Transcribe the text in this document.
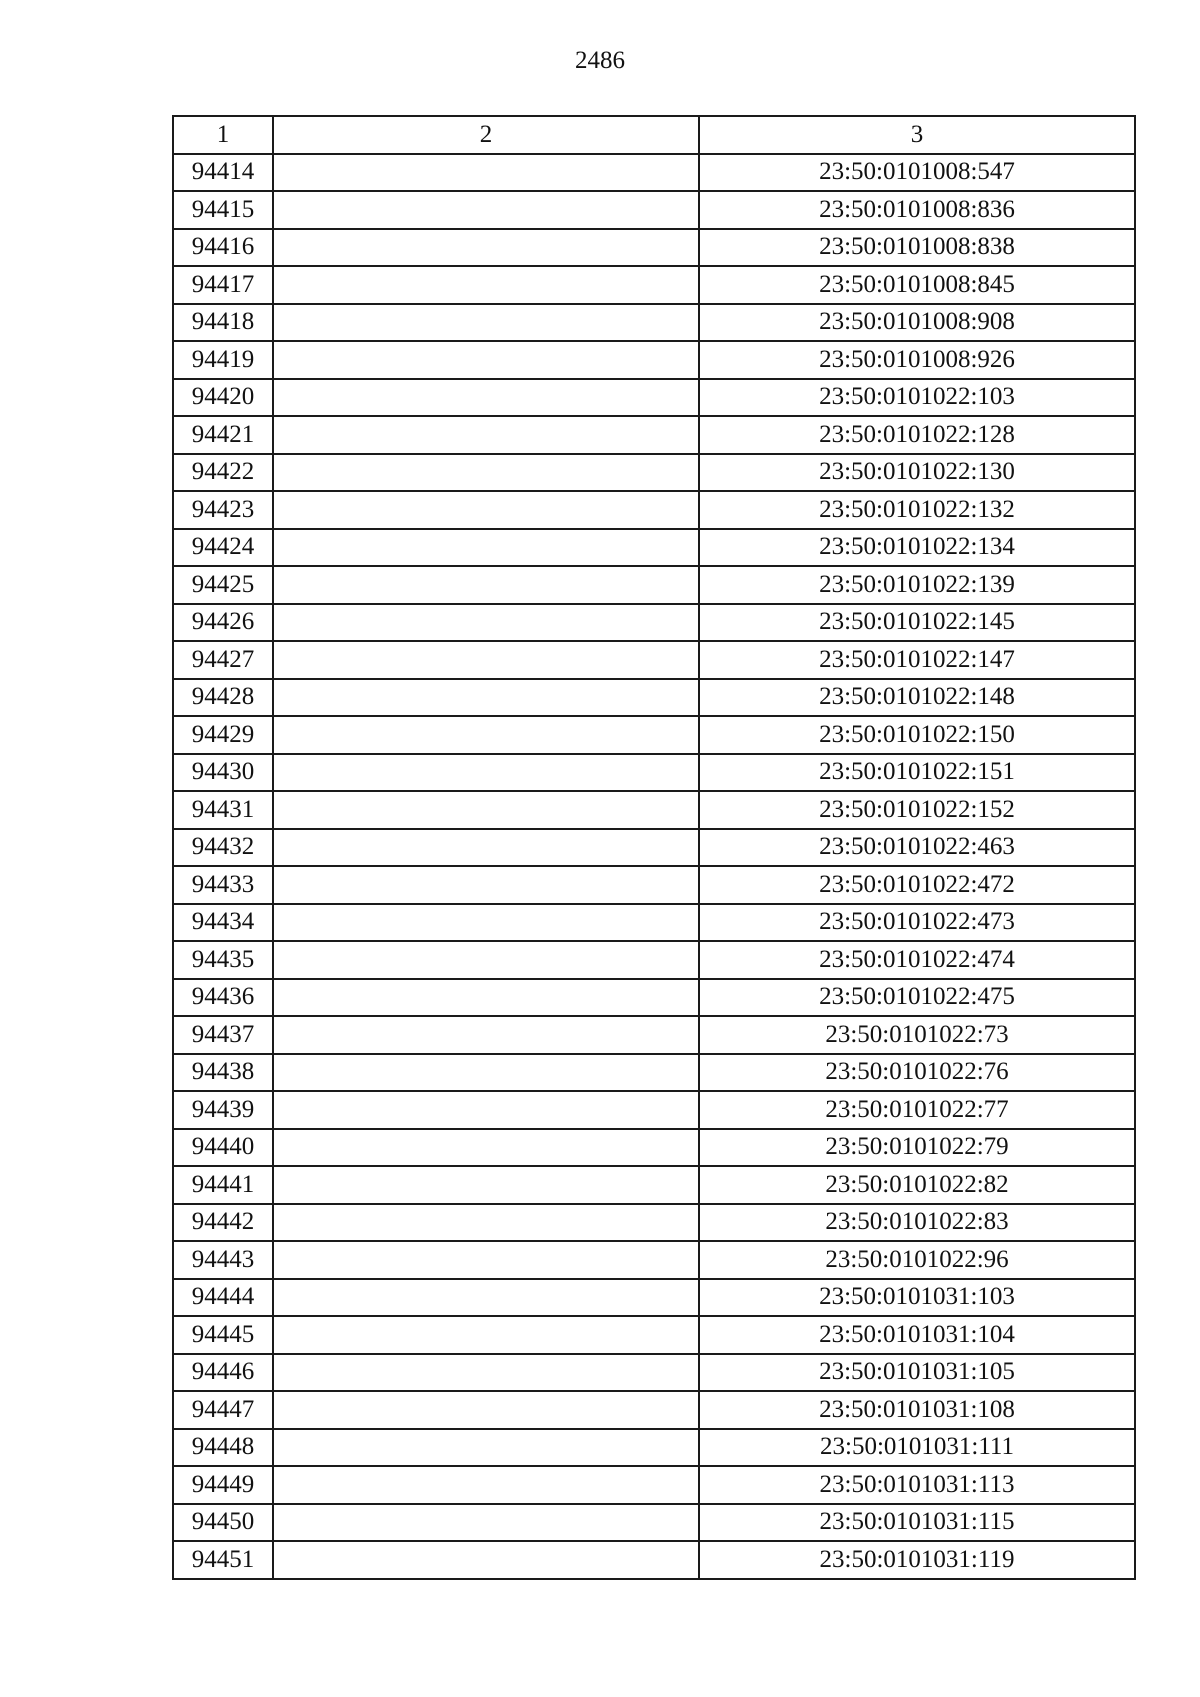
2486
1	2	3
94414		23:50:0101008:547
94415		23:50:0101008:836
94416		23:50:0101008:838
94417		23:50:0101008:845
94418		23:50:0101008:908
94419		23:50:0101008:926
94420		23:50:0101022:103
94421		23:50:0101022:128
94422		23:50:0101022:130
94423		23:50:0101022:132
94424		23:50:0101022:134
94425		23:50:0101022:139
94426		23:50:0101022:145
94427		23:50:0101022:147
94428		23:50:0101022:148
94429		23:50:0101022:150
94430		23:50:0101022:151
94431		23:50:0101022:152
94432		23:50:0101022:463
94433		23:50:0101022:472
94434		23:50:0101022:473
94435		23:50:0101022:474
94436		23:50:0101022:475
94437		23:50:0101022:73
94438		23:50:0101022:76
94439		23:50:0101022:77
94440		23:50:0101022:79
94441		23:50:0101022:82
94442		23:50:0101022:83
94443		23:50:0101022:96
94444		23:50:0101031:103
94445		23:50:0101031:104
94446		23:50:0101031:105
94447		23:50:0101031:108
94448		23:50:0101031:111
94449		23:50:0101031:113
94450		23:50:0101031:115
94451		23:50:0101031:119
